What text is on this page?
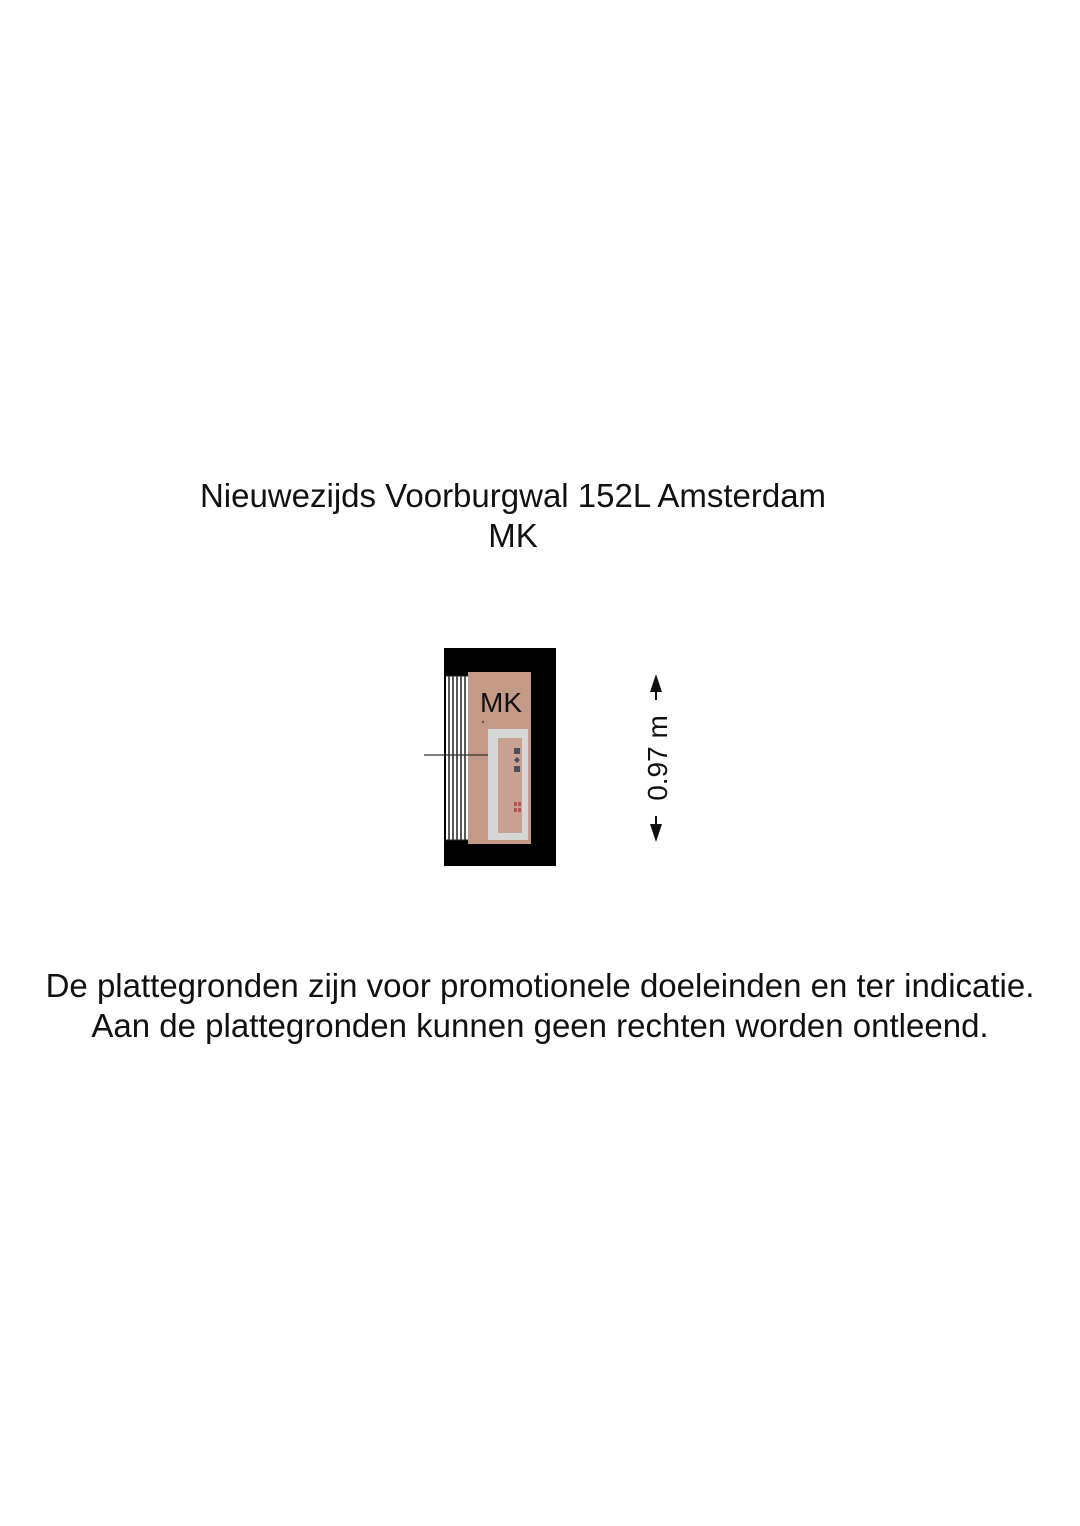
Nieuwezijds Voorburgwal 152L Amsterdam
MK
MK
0.97 m
De plattegronden zijn voor promotionele doeleinden en ter indicatie.
Aan de plattegronden kunnen geen rechten worden ontleend.
